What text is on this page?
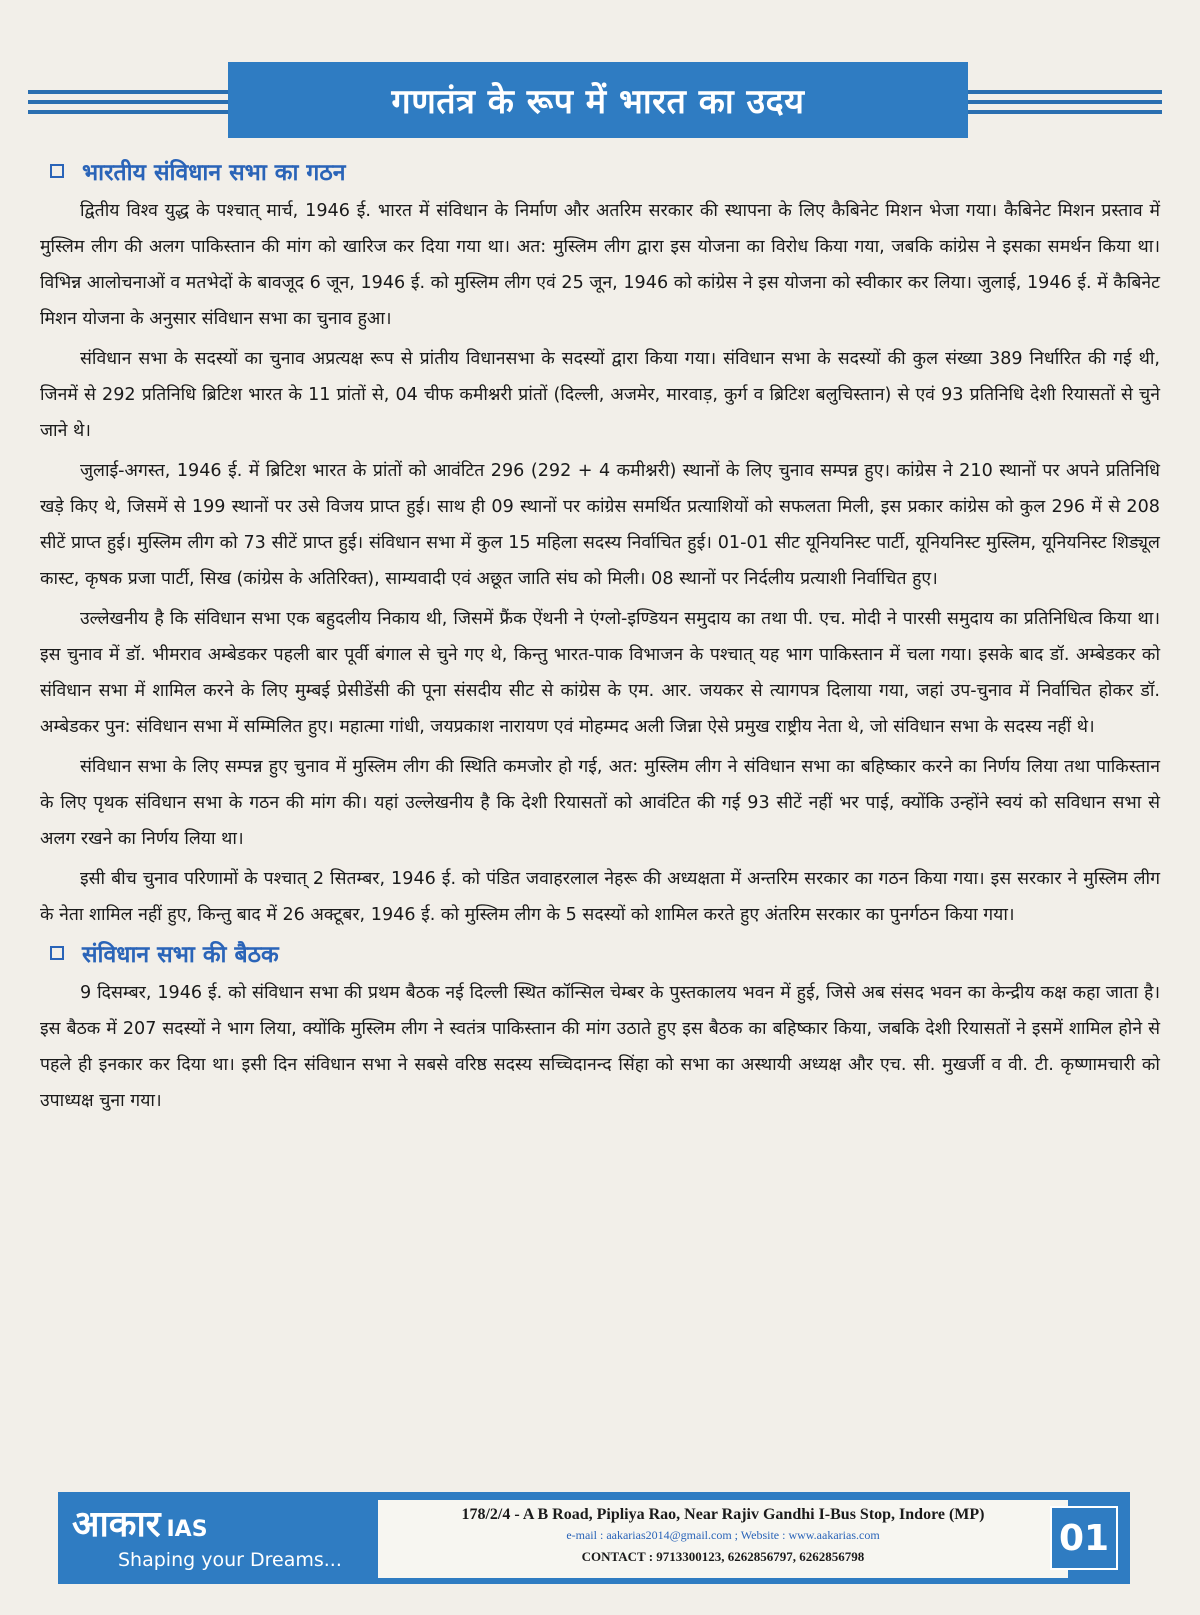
गणतंत्र के रूप में भारत का उदय
भारतीय संविधान सभा का गठन

द्वितीय विश्व युद्ध के पश्चात् मार्च, 1946 ई. भारत में संविधान के निर्माण और अतरिम सरकार की स्थापना के लिए कैबिनेट मिशन भेजा गया। कैबिनेट मिशन प्रस्ताव में मुस्लिम लीग की अलग पाकिस्तान की मांग को खारिज कर दिया गया था। अत: मुस्लिम लीग द्वारा इस योजना का विरोध किया गया, जबकि कांग्रेस ने इसका समर्थन किया था। विभिन्न आलोचनाओं व मतभेदों के बावजूद 6 जून, 1946 ई. को मुस्लिम लीग एवं 25 जून, 1946 को कांग्रेस ने इस योजना को स्वीकार कर लिया। जुलाई, 1946 ई. में कैबिनेट मिशन योजना के अनुसार संविधान सभा का चुनाव हुआ।

संविधान सभा के सदस्यों का चुनाव अप्रत्यक्ष रूप से प्रांतीय विधानसभा के सदस्यों द्वारा किया गया। संविधान सभा के सदस्यों की कुल संख्या 389 निर्धारित की गई थी, जिनमें से 292 प्रतिनिधि ब्रिटिश भारत के 11 प्रांतों से, 04 चीफ कमीश्नरी प्रांतों (दिल्ली, अजमेर, मारवाड़, कुर्ग व ब्रिटिश बलुचिस्तान) से एवं 93 प्रतिनिधि देशी रियासतों से चुने जाने थे।

जुलाई-अगस्त, 1946 ई. में ब्रिटिश भारत के प्रांतों को आवंटित 296 (292 + 4 कमीश्नरी) स्थानों के लिए चुनाव सम्पन्न हुए। कांग्रेस ने 210 स्थानों पर अपने प्रतिनिधि खड़े किए थे, जिसमें से 199 स्थानों पर उसे विजय प्राप्त हुई। साथ ही 09 स्थानों पर कांग्रेस समर्थित प्रत्याशियों को सफलता मिली, इस प्रकार कांग्रेस को कुल 296 में से 208 सीटें प्राप्त हुई। मुस्लिम लीग को 73 सीटें प्राप्त हुई। संविधान सभा में कुल 15 महिला सदस्य निर्वाचित हुई। 01-01 सीट यूनियनिस्ट पार्टी, यूनियनिस्ट मुस्लिम, यूनियनिस्ट शिड्यूल कास्ट, कृषक प्रजा पार्टी, सिख (कांग्रेस के अतिरिक्त), साम्यवादी एवं अछूत जाति संघ को मिली। 08 स्थानों पर निर्दलीय प्रत्याशी निर्वाचित हुए।

उल्लेखनीय है कि संविधान सभा एक बहुदलीय निकाय थी, जिसमें फ्रैंक ऐंथनी ने एंग्लो-इण्डियन समुदाय का तथा पी. एच. मोदी ने पारसी समुदाय का प्रतिनिधित्व किया था। इस चुनाव में डॉ. भीमराव अम्बेडकर पहली बार पूर्वी बंगाल से चुने गए थे, किन्तु भारत-पाक विभाजन के पश्चात् यह भाग पाकिस्तान में चला गया। इसके बाद डॉ. अम्बेडकर को संविधान सभा में शामिल करने के लिए मुम्बई प्रेसीडेंसी की पूना संसदीय सीट से कांग्रेस के एम. आर. जयकर से त्यागपत्र दिलाया गया, जहां उप-चुनाव में निर्वाचित होकर डॉ. अम्बेडकर पुन: संविधान सभा में सम्मिलित हुए। महात्मा गांधी, जयप्रकाश नारायण एवं मोहम्मद अली जिन्ना ऐसे प्रमुख राष्ट्रीय नेता थे, जो संविधान सभा के सदस्य नहीं थे।

संविधान सभा के लिए सम्पन्न हुए चुनाव में मुस्लिम लीग की स्थिति कमजोर हो गई, अत: मुस्लिम लीग ने संविधान सभा का बहिष्कार करने का निर्णय लिया तथा पाकिस्तान के लिए पृथक संविधान सभा के गठन की मांग की। यहां उल्लेखनीय है कि देशी रियासतों को आवंटित की गई 93 सीटें नहीं भर पाई, क्योंकि उन्होंने स्वयं को सविधान सभा से अलग रखने का निर्णय लिया था।

इसी बीच चुनाव परिणामों के पश्चात् 2 सितम्बर, 1946 ई. को पंडित जवाहरलाल नेहरू की अध्यक्षता में अन्तरिम सरकार का गठन किया गया। इस सरकार ने मुस्लिम लीग के नेता शामिल नहीं हुए, किन्तु बाद में 26 अक्टूबर, 1946 ई. को मुस्लिम लीग के 5 सदस्यों को शामिल करते हुए अंतरिम सरकार का पुनर्गठन किया गया।

संविधान सभा की बैठक

9 दिसम्बर, 1946 ई. को संविधान सभा की प्रथम बैठक नई दिल्ली स्थित कॉन्सिल चेम्बर के पुस्तकालय भवन में हुई, जिसे अब संसद भवन का केन्द्रीय कक्ष कहा जाता है। इस बैठक में 207 सदस्यों ने भाग लिया, क्योंकि मुस्लिम लीग ने स्वतंत्र पाकिस्तान की मांग उठाते हुए इस बैठक का बहिष्कार किया, जबकि देशी रियासतों ने इसमें शामिल होने से पहले ही इनकार कर दिया था। इसी दिन संविधान सभा ने सबसे वरिष्ठ सदस्य सच्चिदानन्द सिंहा को सभा का अस्थायी अध्यक्ष और एच. सी. मुखर्जी व वी. टी. कृष्णामचारी को उपाध्यक्ष चुना गया।

आकार IAS
Shaping your Dreams...
178/2/4 - A B Road, Pipliya Rao, Near Rajiv Gandhi I-Bus Stop, Indore (MP)
e-mail : aakarias2014@gmail.com ; Website : www.aakarias.com
CONTACT : 9713300123, 6262856797, 6262856798	01
